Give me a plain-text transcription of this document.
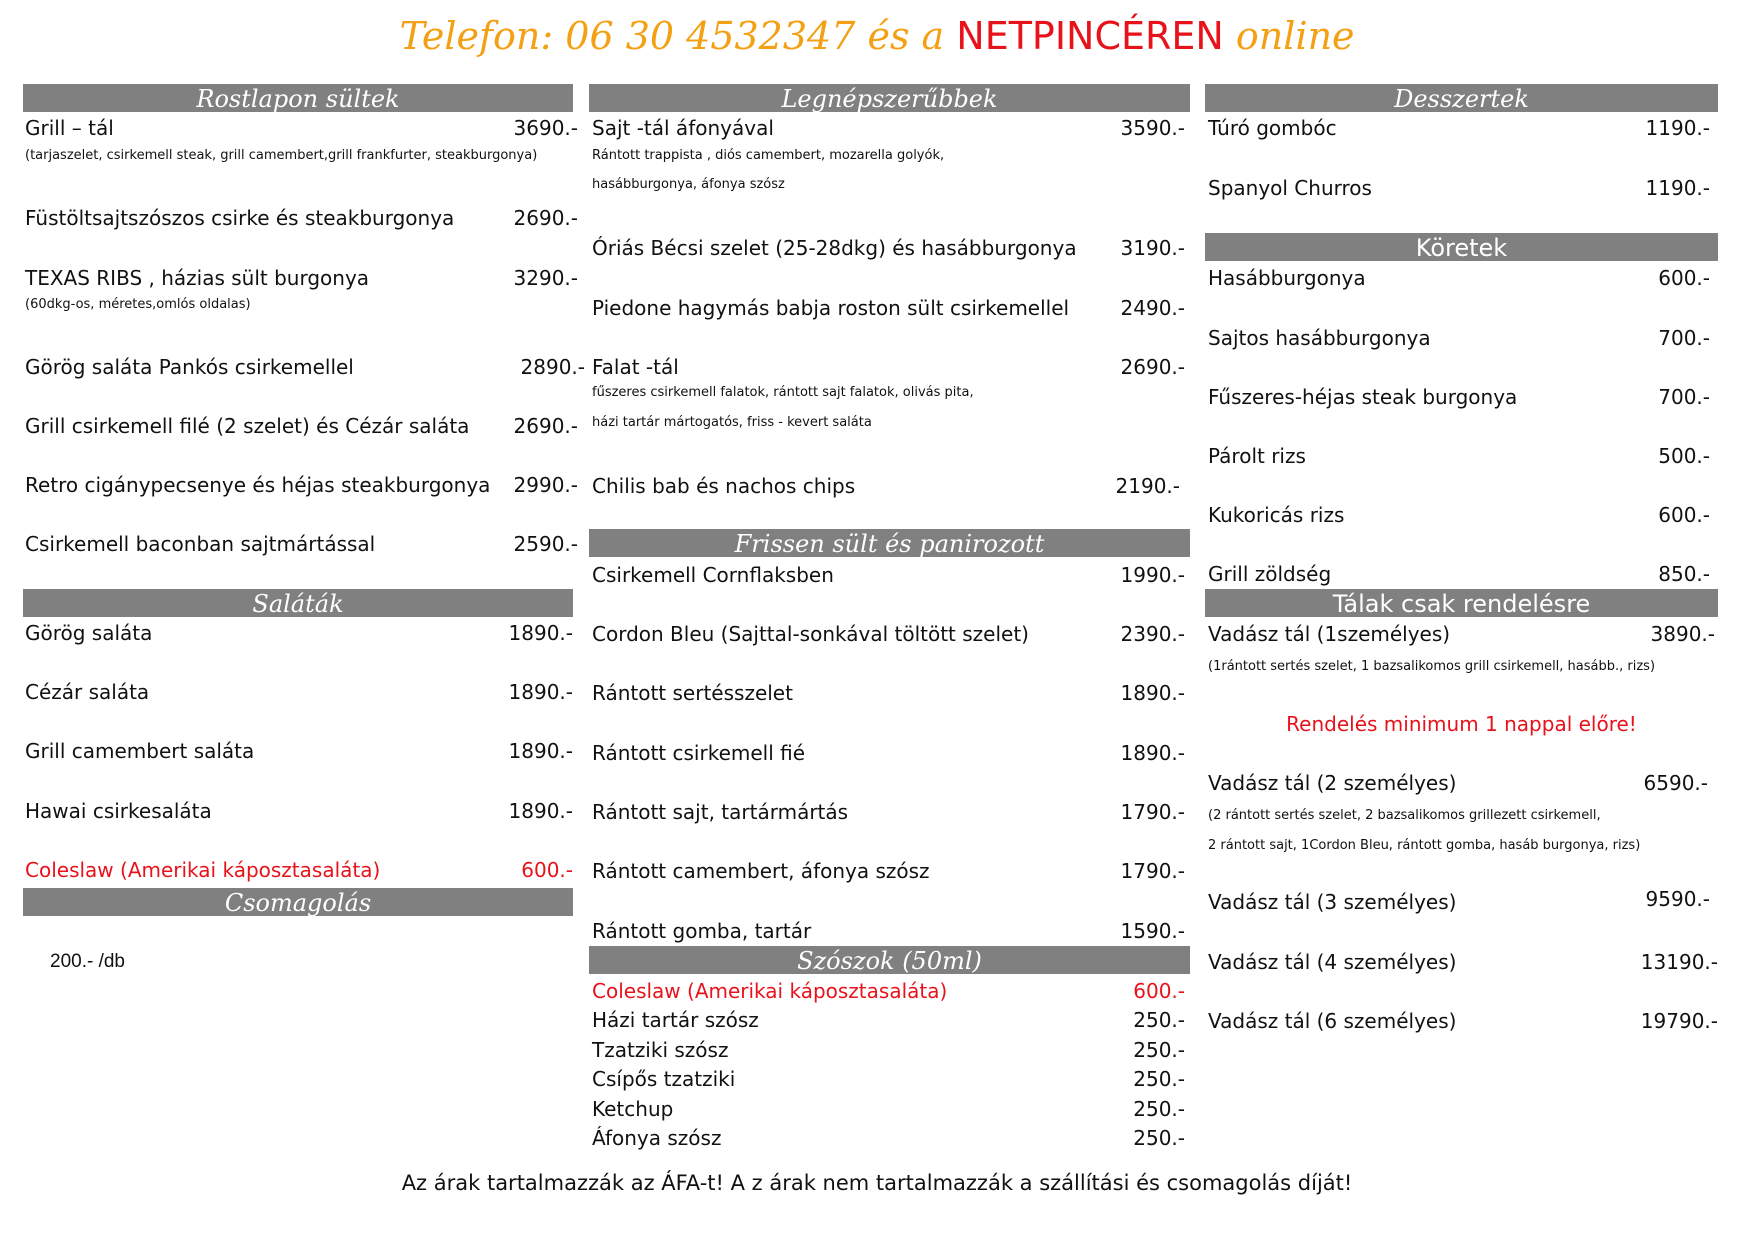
Telefon: 06 30 4532347 és a NETPINCÉREN online
Rostlapon sültek
Grill – tál	3690.-
(tarjaszelet, csirkemell steak, grill camembert,grill frankfurter, steakburgonya)
Füstöltsajtszószos csirke és steakburgonya	2690.-
TEXAS RIBS , házias sült burgonya	3290.-
(60dkg-os, méretes,omlós oldalas)
Görög saláta Pankós csirkemellel	2890.-
Grill csirkemell filé (2 szelet) és Cézár saláta 2690.-
Retro cigánypecsenye és héjas steakburgonya 2990.-
Csirkemell baconban sajtmártással	2590.-
Saláták
Görög saláta	1890.-
Cézár saláta	1890.-
Grill camembert saláta	1890.-
Hawai csirkesaláta	1890.-
Coleslaw (Amerikai káposztasaláta)	600.-
Csomagolás
200.- /db
Legnépszerűbbek
Sajt -tál áfonyával	3590.-
Rántott trappista , diós camembert, mozarella golyók,
hasábburgonya, áfonya szósz
Óriás Bécsi szelet (25-28dkg) és hasábburgonya 3190.-
Piedone hagymás babja roston sült csirkemellel	2490.-
Falat -tál	2690.-
fűszeres csirkemell falatok, rántott sajt falatok, olivás pita,
házi tartár mártogatós, friss - kevert saláta
Chilis bab és nachos chips	2190.-
Frissen sült és panirozott
Csirkemell Cornflaksben	1990.-
Cordon Bleu (Sajttal-sonkával töltött szelet)	2390.-
Rántott sertésszelet	1890.-
Rántott csirkemell fié	1890.-
Rántott sajt, tartármártás	1790.-
Rántott camembert, áfonya szósz	1790.-
Rántott gomba, tartár	1590.-
Szószok (50ml)
Coleslaw (Amerikai káposztasaláta)	600.-
Házi tartár szósz	250.-
Tzatziki szósz	250.-
Csípős tzatziki	250.-
Ketchup	250.-
Áfonya szósz	250.-
Desszertek
Túró gombóc	1190.-
Spanyol Churros	1190.-
Köretek
Hasábburgonya	600.-
Sajtos hasábburgonya	700.-
Fűszeres-héjas steak burgonya	700.-
Párolt rizs	500.-
Kukoricás rizs	600.-
Grill zöldség	850.-
Tálak csak rendelésre
Vadász tál (1személyes)	3890.-
(1rántott sertés szelet, 1 bazsalikomos grill csirkemell, hasább., rizs)
Rendelés minimum 1 nappal előre!
Vadász tál (2 személyes)	6590.-
(2 rántott sertés szelet, 2 bazsalikomos grillezett csirkemell,
2 rántott sajt, 1Cordon Bleu, rántott gomba, hasáb burgonya, rizs)
Vadász tál (3 személyes)	9590.-
Vadász tál (4 személyes)	13190.-
Vadász tál (6 személyes)	19790.-
Az árak tartalmazzák az ÁFA-t! A z árak nem tartalmazzák a szállítási és csomagolás díját!
